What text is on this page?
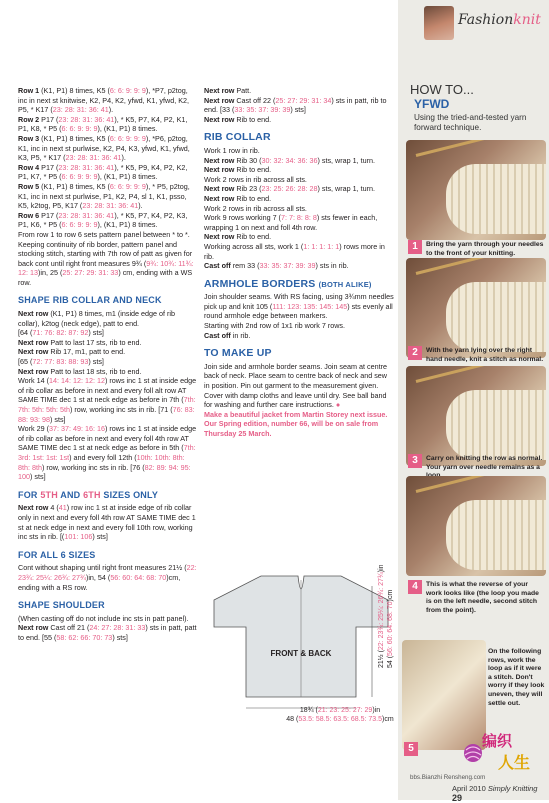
Row 1 (K1, P1) 8 times, K5 (6: 6: 9: 9: 9), *P7, p2tog, inc in next st knitwise, K2, P4, K2, yfwd, K1, yfwd, K2, P5, * K17 (23: 28: 31: 36: 41).

Row 2 P17 (23: 28: 31: 36: 41), * K5, P7, K4, P2, K1, P1, K8, * P5 (6: 6: 9: 9: 9), (K1, P1) 8 times.

Row 3 (K1, P1) 8 times, K5 (6: 6: 9: 9: 9), *P6, p2tog, K1, inc in next st purlwise, K2, P4, K3, yfwd, K1, yfwd, K3, P5, * K17 (23: 28: 31: 36: 41).

Row 4 P17 (23: 28: 31: 36: 41), * K5, P9, K4, P2, K2, P1, K7, * P5 (6: 6: 9: 9: 9), (K1, P1) 8 times.

Row 5 (K1, P1) 8 times, K5 (6: 6: 9: 9: 9), * P5, p2tog, K1, inc in next st purlwise, P1, K2, P4, sl 1, K1, psso, K5, k2tog, P5, K17 (23: 28: 31: 36: 41).

Row 6 P17 (23: 28: 31: 36: 41), * K5, P7, K4, P2, K3, P1, K6, * P5 (6: 6: 9: 9: 9), (K1, P1) 8 times.

From row 1 to row 6 sets pattern panel between * to *.

Keeping continuity of rib border, pattern panel and stocking stitch, starting with 7th row of patt as given for back cont until right front measures 9¾ (9¾: 10¾: 11¾: 12: 13)in, 25 (25: 27: 29: 31: 33) cm, ending with a WS row.

SHAPE RIB COLLAR AND NECK

Next row (K1, P1) 8 times, m1 (inside edge of rib collar), k2tog (neck edge), patt to end.

[64 (71: 76: 82: 87: 92) sts]

Next row Patt to last 17 sts, rib to end.

Next row Rib 17, m1, patt to end.

[65 (72: 77: 83: 88: 93) sts]

Next row Patt to last 18 sts, rib to end.

Work 14 (14: 14: 12: 12: 12) rows inc 1 st at inside edge of rib collar as before in next and every foll alt row AT SAME TIME dec 1 st at neck edge as before in 7th (7th: 7th: 5th: 5th: 5th) row, working inc sts in rib. [71 (76: 83: 88: 93: 98) sts]

Work 29 (37: 37: 49: 16: 16) rows inc 1 st at inside edge of rib collar as before in next and every foll 4th row AT SAME TIME dec 1 st at neck edge as before in 5th (7th: 3rd: 1st: 1st: 1st) and every foll 12th (10th: 10th: 8th: 8th: 8th) row, working inc sts in rib. [76 (82: 89: 94: 95: 100) sts]

FOR 5TH AND 6TH SIZES ONLY

Next row 4 (41) row inc 1 st at inside edge of rib collar only in next and every foll 4th row AT SAME TIME dec 1 st at neck edge in next and every foll 10th row, working inc sts in rib. [(101: 106) sts]

FOR ALL 6 SIZES

Cont without shaping until right front measures 21½ (22: 23¾: 25¼: 26¾: 27¾)in, 54 (56: 60: 64: 68: 70)cm, ending with a RS row.

SHAPE SHOULDER

(When casting off do not include inc sts in patt panel).

Next row Cast off 21 (24: 27: 28: 31: 33) sts in patt, patt to end. [55 (58: 62: 66: 70: 73) sts]

Next row Patt.

Next row Cast off 22 (25: 27: 29: 31: 34) sts in patt, rib to end. [33 (33: 35: 37: 39: 39) sts]

Next row Rib to end.

RIB COLLAR

Work 1 row in rib.

Next row Rib 30 (30: 32: 34: 36: 36) sts, wrap 1, turn.

Next row Rib to end.

Work 2 rows in rib across all sts.

Next row Rib 23 (23: 25: 26: 28: 28) sts, wrap 1, turn.

Next row Rib to end.

Work 2 rows in rib across all sts.

Work 9 rows working 7 (7: 7: 8: 8: 8) sts fewer in each, wrapping 1 on next and foll 4th row.

Next row Rib to end.

Working across all sts, work 1 (1: 1: 1: 1: 1) rows more in rib.

Cast off rem 33 (33: 35: 37: 39: 39) sts in rib.

ARMHOLE BORDERS (BOTH ALIKE)

Join shoulder seams. With RS facing, using 3¾mm needles pick up and knit 105 (111: 123: 135: 145: 145) sts evenly all round armhole edge between markers.

Starting with 2nd row of 1x1 rib work 7 rows.

Cast off in rib.

TO MAKE UP

Join side and armhole border seams. Join seam at centre back of neck. Place seam to centre back of neck and sew in position. Pin out garment to the measurement given. Cover with damp cloths and leave until dry. See ball band for washing and further care instructions. ●

Make a beautiful jacket from Martin Storey next issue. Our Spring edition, number 66, will be on sale from Thursday 25 March.

FRONT & BACK
18¾ (21: 23: 25: 27: 29)in
48 (53.5: 58.5: 63.5: 68.5: 73.5)cm
21½ (22: 23¾: 25¼: 26¾: 27¾)in
54 (56: 60: 64: 68: 70)cm
Fashionknit
HOW TO...
YFWD
Using the tried-and-tested yarn forward technique.
1	Bring the yarn through your needles to the front of your knitting.
2	With the yarn lying over the right hand needle, knit a stitch as normal.
3	Carry on knitting the row as normal. Your yarn over needle remains as a
4	This is what the reverse of your work looks like (the loop you made is on the left needle, second stitch from the point).
5
On the following rows, work the loop as if it were a stitch. Don't worry if they look uneven, they will settle out.
编织
人生
bbs.Bianzhi Rensheng.com
April 2010 Simply Knitting 29
